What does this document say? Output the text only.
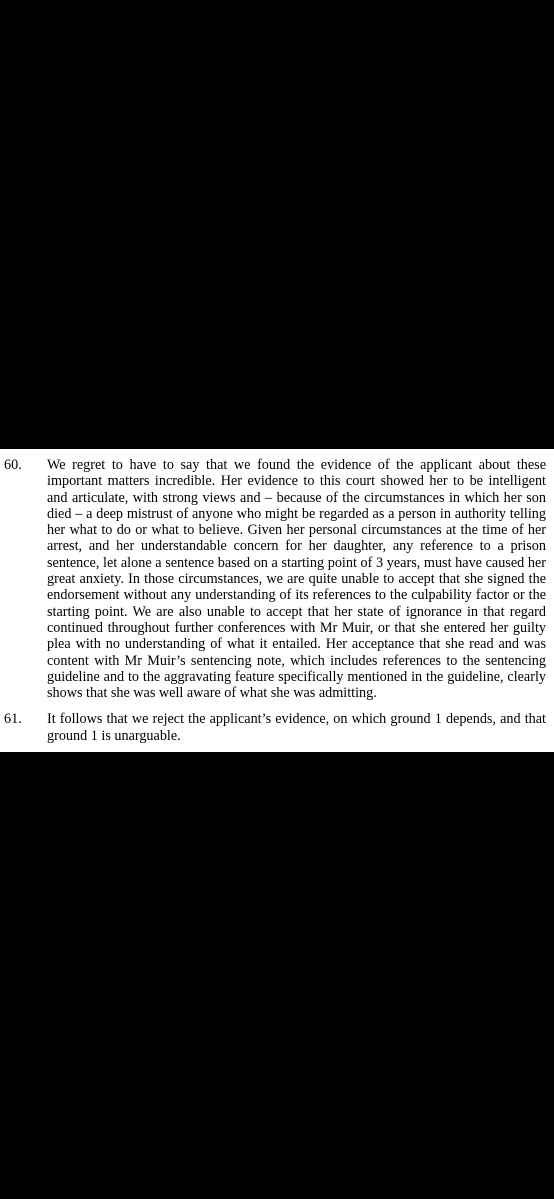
60. We regret to have to say that we found the evidence of the applicant about these important matters incredible. Her evidence to this court showed her to be intelligent and articulate, with strong views and – because of the circumstances in which her son died – a deep mistrust of anyone who might be regarded as a person in authority telling her what to do or what to believe. Given her personal circumstances at the time of her arrest, and her understandable concern for her daughter, any reference to a prison sentence, let alone a sentence based on a starting point of 3 years, must have caused her great anxiety. In those circumstances, we are quite unable to accept that she signed the endorsement without any understanding of its references to the culpability factor or the starting point. We are also unable to accept that her state of ignorance in that regard continued throughout further conferences with Mr Muir, or that she entered her guilty plea with no understanding of what it entailed. Her acceptance that she read and was content with Mr Muir’s sentencing note, which includes references to the sentencing guideline and to the aggravating feature specifically mentioned in the guideline, clearly shows that she was well aware of what she was admitting.

61. It follows that we reject the applicant’s evidence, on which ground 1 depends, and that ground 1 is unarguable.
